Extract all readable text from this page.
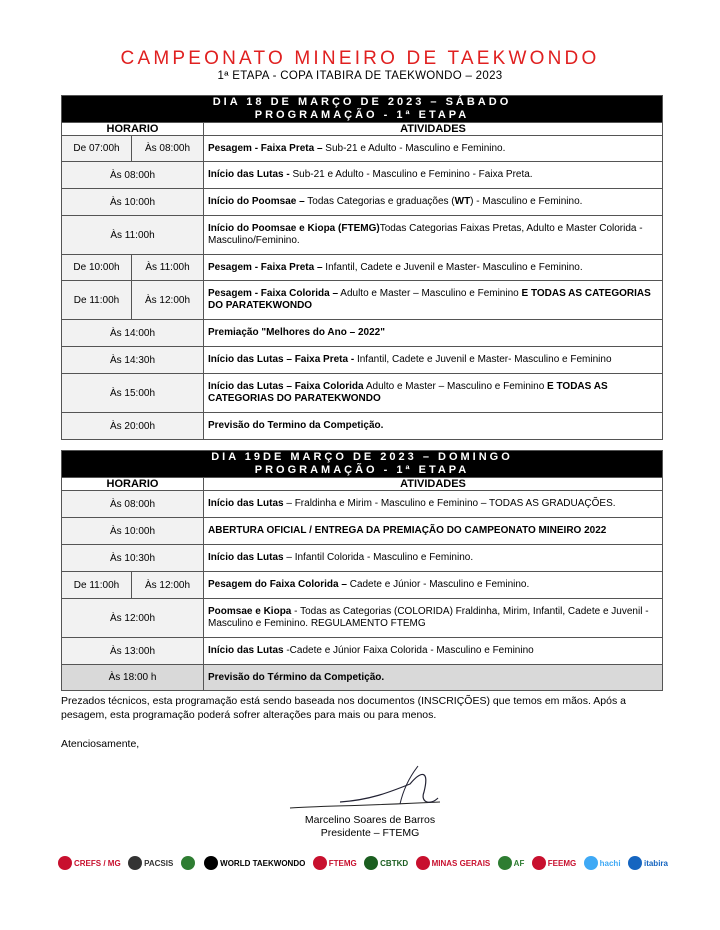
CAMPEONATO MINEIRO DE TAEKWONDO
1ª ETAPA - COPA ITABIRA DE TAEKWONDO – 2023
DIA 18 DE MARÇO DE 2023 – SÁBADO
PROGRAMAÇÃO - 1ª ETAPA		

HORARIO		ATIVIDADES
De 07:00h	Às 08:00h	Pesagem - Faixa Preta – Sub-21 e Adulto - Masculino e Feminino.
Às 08:00h		Início das Lutas - Sub-21 e Adulto - Masculino e Feminino - Faixa Preta.
Às 10:00h		Início do Poomsae – Todas Categorias e graduações (WT) - Masculino e Feminino.
Às 11:00h		Início do Poomsae e Kiopa (FTEMG)Todas Categorias Faixas Pretas, Adulto e Master Colorida -Masculino/Feminino.
De 10:00h	Às 11:00h	Pesagem - Faixa Preta – Infantil, Cadete e Juvenil e Master- Masculino e Feminino.
De 11:00h	Às 12:00h	Pesagem - Faixa Colorida – Adulto e Master – Masculino e Feminino E TODAS AS CATEGORIAS DO PARATEKWONDO
Às 14:00h		Premiação "Melhores do Ano – 2022"
Às 14:30h		Início das Lutas – Faixa Preta - Infantil, Cadete e Juvenil e Master- Masculino e Feminino
Às 15:00h		Início das Lutas – Faixa Colorida Adulto e Master – Masculino e Feminino E TODAS AS CATEGORIAS DO PARATEKWONDO
Às 20:00h		Previsão do Termino da Competição.
DIA 19DE MARÇO DE 2023 – DOMINGO
PROGRAMAÇÃO - 1ª ETAPA		

HORARIO		ATIVIDADES
Às 08:00h		Início das Lutas – Fraldinha e Mirim - Masculino e Feminino – TODAS AS GRADUAÇÕES.
Às 10:00h		ABERTURA OFICIAL / ENTREGA DA PREMIAÇÃO DO CAMPEONATO MINEIRO 2022
Às 10:30h		Início das Lutas – Infantil Colorida - Masculino e Feminino.
De 11:00h	Às 12:00h	Pesagem do Faixa Colorida – Cadete e Júnior - Masculino e Feminino.
Às 12:00h		Poomsae e Kiopa - Todas as Categorias (COLORIDA) Fraldinha, Mirim, Infantil, Cadete e Juvenil - Masculino e Feminino. REGULAMENTO FTEMG
Às 13:00h		Início das Lutas -Cadete e Júnior Faixa Colorida - Masculino e Feminino
Às 18:00 h		Previsão do Término da Competição.
Prezados técnicos, esta programação está sendo baseada nos documentos (INSCRIÇÕES) que temos em mãos. Após a pesagem, esta programação poderá sofrer alterações para mais ou para menos.
Atenciosamente,
Marcelino Soares de Barros
Presidente – FTEMG
CREFS / MG	PACSIS	WORLD TAEKWONDO	FTEMG	CBTKD	MINAS GERAIS	AF	FEEMG	hachi	itabira
